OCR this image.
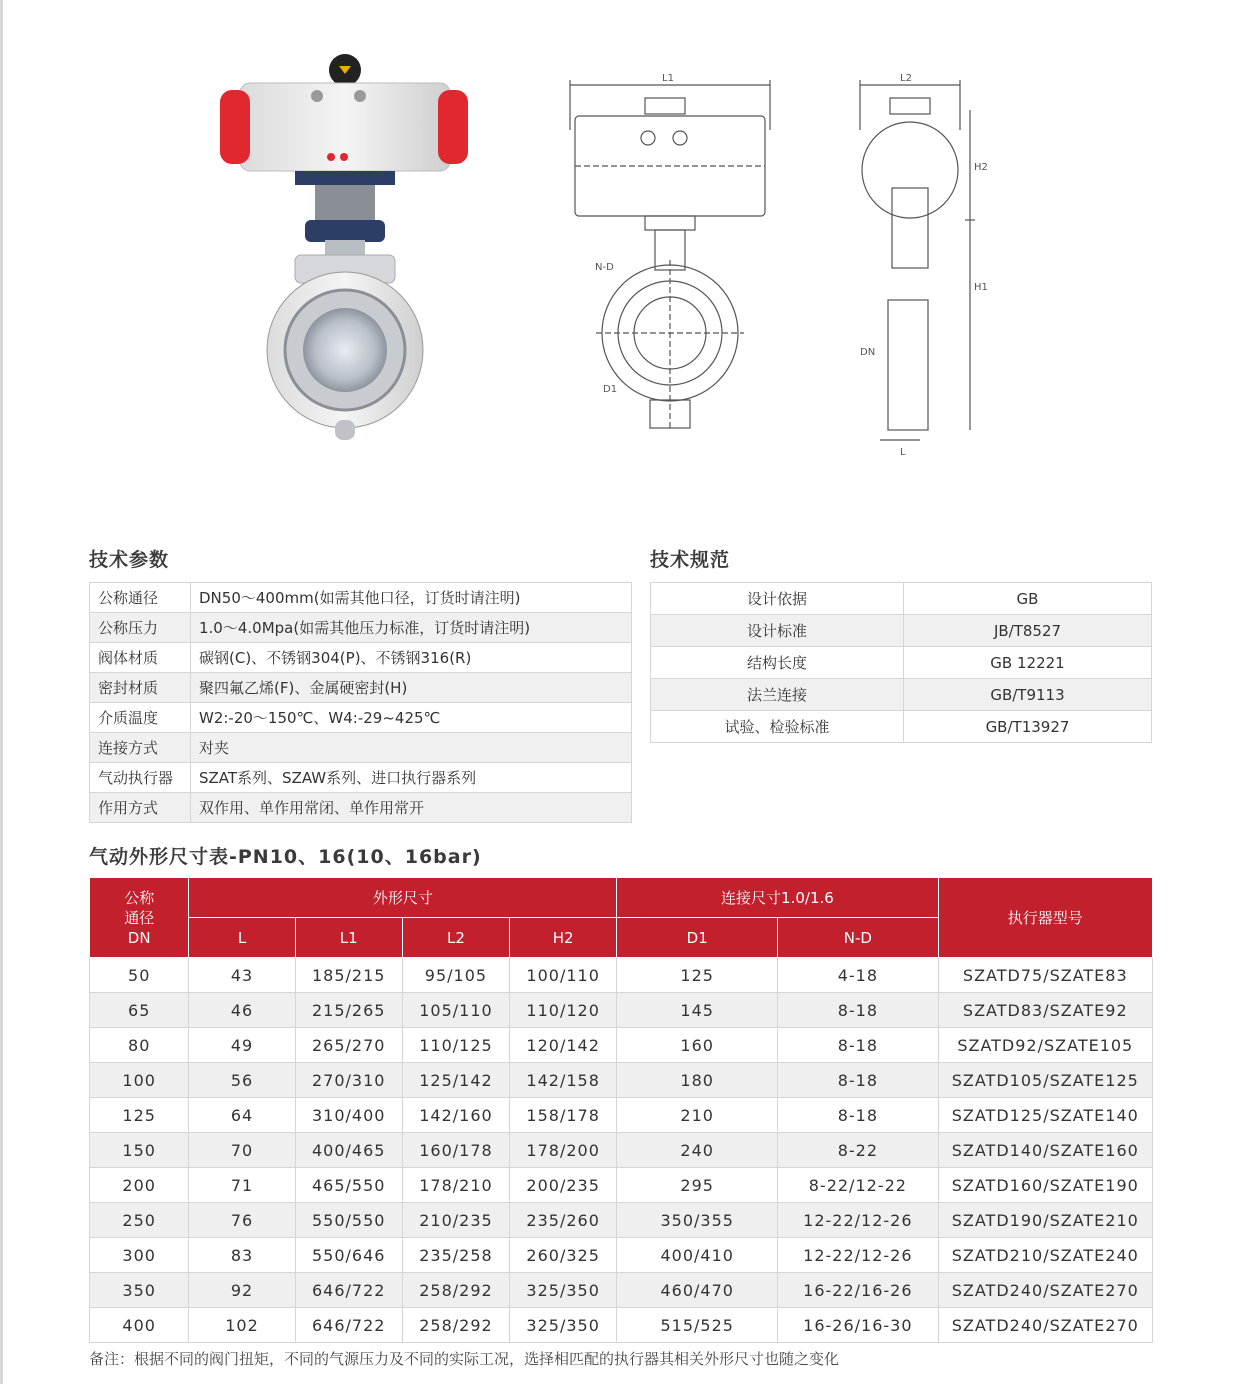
L1
N-D
D1
L2
H2
H1
DN
L
技术参数
公称通径	DN50～400mm(如需其他口径，订货时请注明)
公称压力	1.0～4.0Mpa(如需其他压力标准，订货时请注明)
阀体材质	碳钢(C)、不锈钢304(P)、不锈钢316(R)
密封材质	聚四氟乙烯(F)、金属硬密封(H)
介质温度	W2:-20～150℃、W4:-29~425℃
连接方式	对夹
气动执行器	SZAT系列、SZAW系列、进口执行器系列
作用方式	双作用、单作用常闭、单作用常开
技术规范
设计依据	GB
设计标准	JB/T8527
结构长度	GB 12221
法兰连接	GB/T9113
试验、检验标准	GB/T13927
气动外形尺寸表-PN10、16(10、16bar)
公称
通径
DN	外形尺寸				连接尺寸1.0/1.6		执行器型号
	L	L1	L2	H2	D1	N-D	
50	43	185/215	95/105	100/110	125	4-18	SZATD75/SZATE83
65	46	215/265	105/110	110/120	145	8-18	SZATD83/SZATE92
80	49	265/270	110/125	120/142	160	8-18	SZATD92/SZATE105
100	56	270/310	125/142	142/158	180	8-18	SZATD105/SZATE125
125	64	310/400	142/160	158/178	210	8-18	SZATD125/SZATE140
150	70	400/465	160/178	178/200	240	8-22	SZATD140/SZATE160
200	71	465/550	178/210	200/235	295	8-22/12-22	SZATD160/SZATE190
250	76	550/550	210/235	235/260	350/355	12-22/12-26	SZATD190/SZATE210
300	83	550/646	235/258	260/325	400/410	12-22/12-26	SZATD210/SZATE240
350	92	646/722	258/292	325/350	460/470	16-22/16-26	SZATD240/SZATE270
400	102	646/722	258/292	325/350	515/525	16-26/16-30	SZATD240/SZATE270
备注：根据不同的阀门扭矩，不同的气源压力及不同的实际工况，选择相匹配的执行器其相关外形尺寸也随之变化
